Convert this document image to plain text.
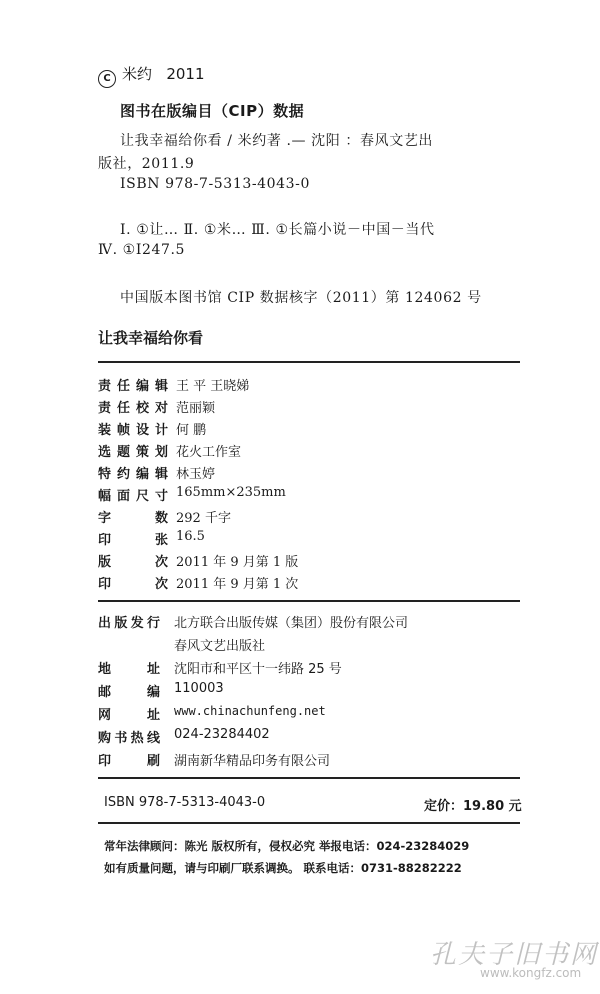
C 米约 2011
图书在版编目（CIP）数据
让我幸福给你看 / 米约著 .— 沈阳 ：春风文艺出
版社，2011.9
ISBN 978-7-5313-4043-0
Ⅰ. ①让… Ⅱ. ①米… Ⅲ. ①长篇小说－中国－当代
Ⅳ. ①I247.5
中国版本图书馆 CIP 数据核字（2011）第 124062 号
让我幸福给你看
责任编辑 王 平 王晓娣
责任校对 范丽颖
装帧设计 何 鹏
选题策划 花火工作室
特约编辑 林玉婷
幅面尺寸 165mm×235mm
字数 292 千字
印张 16.5
版次 2011 年 9 月第 1 版
印次 2011 年 9 月第 1 次
出版发行 北方联合出版传媒（集团）股份有限公司
春风文艺出版社
地址 沈阳市和平区十一纬路 25 号
邮编 110003
网址 www.chinachunfeng.net
购书热线 024-23284402
印刷 湖南新华精品印务有限公司
ISBN 978-7-5313-4043-0	定价：19.80 元
常年法律顾问：陈光 版权所有，侵权必究 举报电话：024-23284029
如有质量问题，请与印刷厂联系调换。 联系电话：0731-88282222
孔夫子旧书网
www.kongfz.com
